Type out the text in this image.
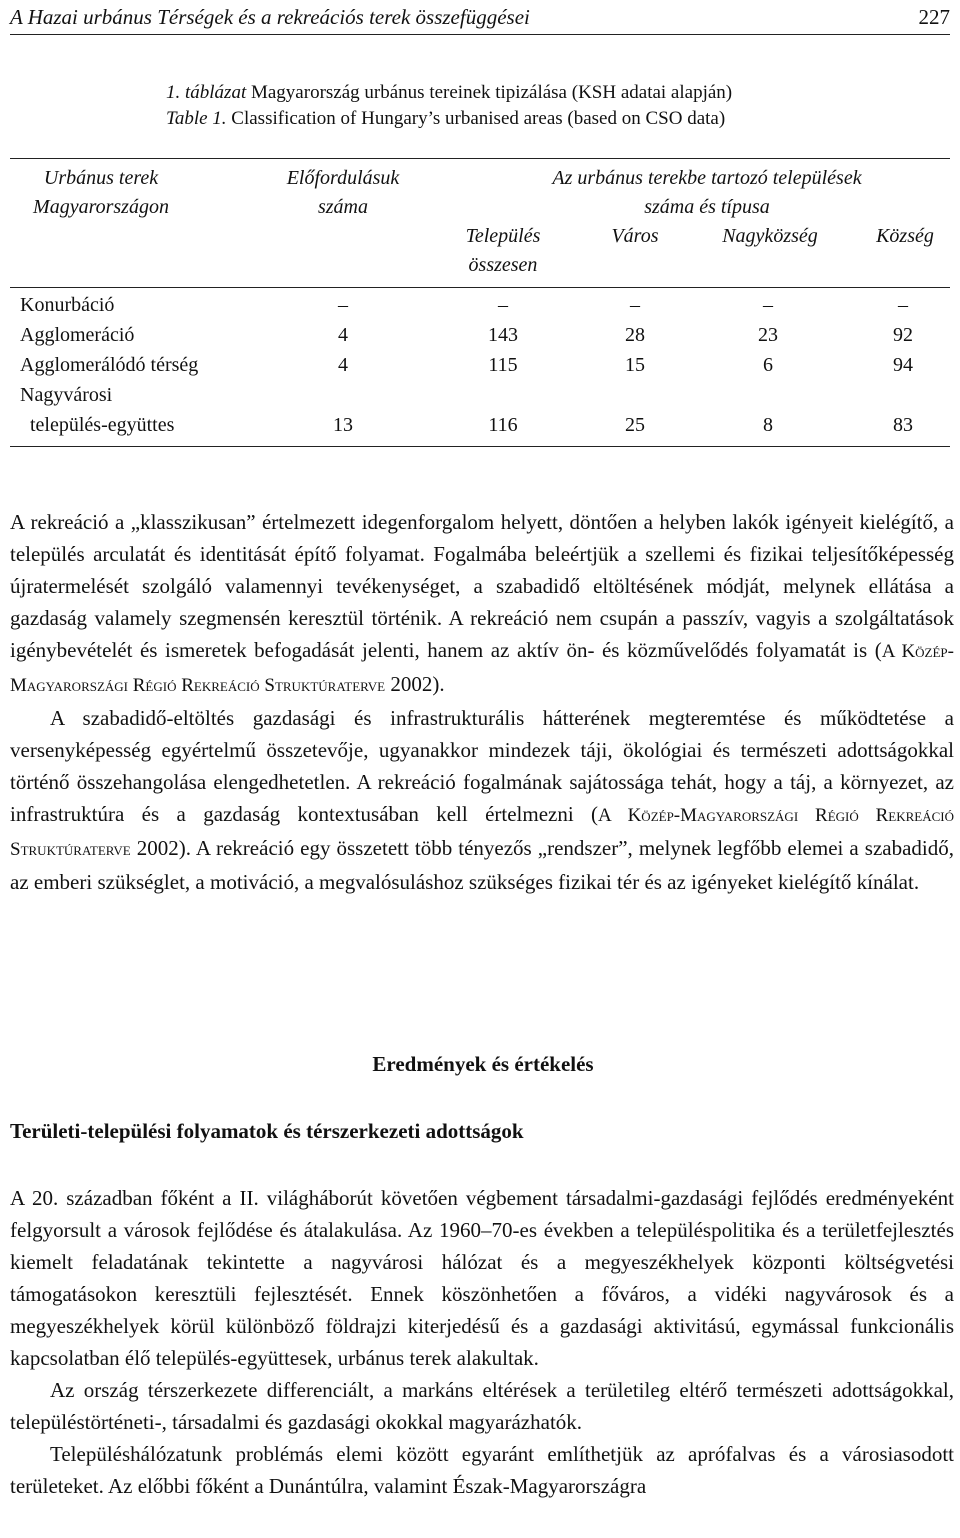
A Hazai urbánus Térségek és a rekreációs terek összefüggései	227
1. táblázat Magyarország urbánus tereinek tipizálása (KSH adatai alapján)
Table 1. Classification of Hungary’s urbanised areas (based on CSO data)
Urbánus terek
Magyarországon
Előfordulásuk
száma
Az urbánus terekbe tartozó települések
száma és típusa
Település
összesen
Város	Nagyközség	Község
Konurbáció	–	–	–	–	–
Agglomeráció	4	143	28	23	92
Agglomerálódó térség	4	115	15	6	94
Nagyvárosi
település-együttes	13	116	25	8	83

A rekreáció a „klasszikusan” értelmezett idegenforgalom helyett, döntően a helyben lakók igényeit kielégítő, a település arculatát és identitását építő folyamat. Fogalmába beleértjük a szellemi és fizikai teljesítőképesség újratermelését szolgáló valamennyi tevékenységet, a szabadidő eltöltésének módját, melynek ellátása a gazdaság valamely szegmensén keresztül történik. A rekreáció nem csupán a passzív, vagyis a szolgáltatások igénybevételét és ismeretek befogadását jelenti, hanem az aktív ön- és közművelődés folyamatát is (A Közép-Magyarországi Régió Rekreáció Struktúraterve 2002).

A szabadidő-eltöltés gazdasági és infrastrukturális hátterének megteremtése és működtetése a versenyképesség egyértelmű összetevője, ugyanakkor mindezek táji, ökológiai és természeti adottságokkal történő összehangolása elengedhetetlen. A rekreáció fogalmának sajátossága tehát, hogy a táj, a környezet, az infrastruktúra és a gazdaság kontextusában kell értelmezni (A Közép-Magyarországi Régió Rekreáció Struktúraterve 2002). A rekreáció egy összetett több tényezős „rendszer”, melynek legfőbb elemei a szabadidő, az emberi szükséglet, a motiváció, a megvalósuláshoz szükséges fizikai tér és az igényeket kielégítő kínálat.

Eredmények és értékelés
Területi-települési folyamatok és térszerkezeti adottságok

A 20. században főként a II. világháborút követően végbement társadalmi-gazdasági fejlődés eredményeként felgyorsult a városok fejlődése és átalakulása. Az 1960–70-es években a településpolitika és a területfejlesztés kiemelt feladatának tekintette a nagyvárosi hálózat és a megyeszékhelyek központi költségvetési támogatásokon keresztüli fejlesztését. Ennek köszönhetően a főváros, a vidéki nagyvárosok és a megyeszékhelyek körül különböző földrajzi kiterjedésű és a gazdasági aktivitású, egymással funkcionális kapcsolatban élő település-együttesek, urbánus terek alakultak.

Az ország térszerkezete differenciált, a markáns eltérések a területileg eltérő természeti adottságokkal, településtörténeti-, társadalmi és gazdasági okokkal magyarázhatók.

Településhálózatunk problémás elemi között egyaránt említhetjük az aprófalvas és a városiasodott területeket. Az előbbi főként a Dunántúlra, valamint Észak-Magyarországra
